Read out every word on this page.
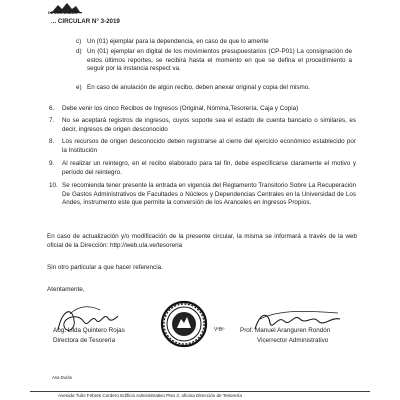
DE LOS ANDES
... CIRCULAR N° 3-2019
c) Un (01) ejemplar para la dependencia, en caso de que lo amerite
d) Un (01) ejemplar en digital de los movimientos presupuestarios (CP-P01) La consignación de estos últimos reportes, se recibirá hasta el momento en que se defina el procedimiento a seguir por la instancia respect va.
e) En caso de anulación de algún recibo, deben anexar original y copia del mismo.
6. Debe venir los cinco Recibos de Ingresos (Original, Nómina,Tesorería, Caja y Copia)
7. No se aceptará registros de ingresos, cuyos soporte sea el estado de cuenta bancario o similares, es decir, ingresos de origen desconocido
8. Los recursos de origen desconocido deben registrarse al cierre del ejercicio económico establecido por la Institución
9. Al realizar un reintegro, en el recibo elaborado para tal fin, debe especificarse claramente el motivo y período del reintegro.
10. Se recomienda tener presente la entrada en vigencia del Reglamento Transitorio Sobre La Recuperación De Gastos Administrativos de Facultades o Núcleos y Dependencias Centrales en la Universidad de Los Andes, instrumento este que permite la conversión de los Aranceles en Ingresos Propios.
En caso de actualización y/o modificación de la presente circular, la misma se informará a través de la web oficial de la Dirección: http://web.ula.ve/tesoreria
Sin otro particular a que hacer referencia.
Atentamente,
Abg. Lilda Quintero Rojas
Directora de Tesorería
VºBº Prof. Manuel Aranguren Rondón
Vicerrector Administrativo
Ana Durán
Avenida Tulio Febres Cordero Edificio Administrativo Piso 2, oficina Dirección de Tesorería
